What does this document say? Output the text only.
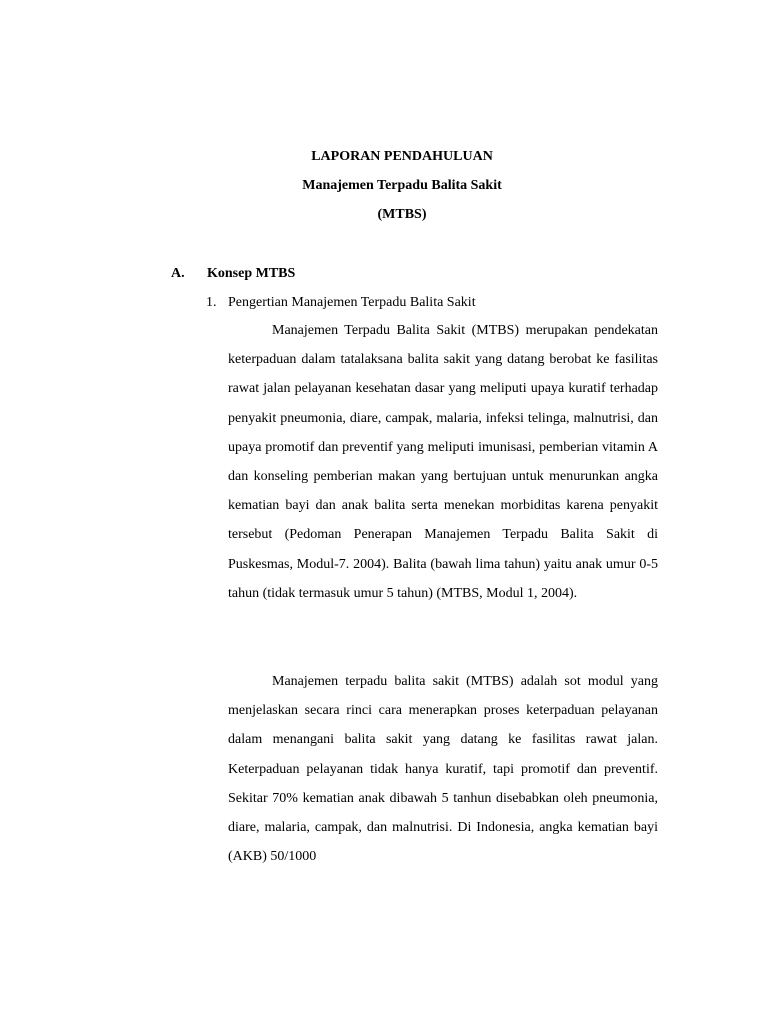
LAPORAN PENDAHULUAN

Manajemen Terpadu Balita Sakit

(MTBS)

A. Konsep MTBS

1. Pengertian Manajemen Terpadu Balita Sakit

Manajemen Terpadu Balita Sakit (MTBS) merupakan pendekatan keterpaduan dalam tatalaksana balita sakit yang datang berobat ke fasilitas rawat jalan pelayanan kesehatan dasar yang meliputi upaya kuratif terhadap penyakit pneumonia, diare, campak, malaria, infeksi telinga, malnutrisi, dan upaya promotif dan preventif yang meliputi imunisasi, pemberian vitamin A dan konseling pemberian makan yang bertujuan untuk menurunkan angka kematian bayi dan anak balita serta menekan morbiditas karena penyakit tersebut (Pedoman Penerapan Manajemen Terpadu Balita Sakit di Puskesmas, Modul-7. 2004). Balita (bawah lima tahun) yaitu anak umur 0-5 tahun (tidak termasuk umur 5 tahun) (MTBS, Modul 1, 2004).

Manajemen terpadu balita sakit (MTBS) adalah sot modul yang menjelaskan secara rinci cara menerapkan proses keterpaduan pelayanan dalam menangani balita sakit yang datang ke fasilitas rawat jalan. Keterpaduan pelayanan tidak hanya kuratif, tapi promotif dan preventif. Sekitar 70% kematian anak dibawah 5 tanhun disebabkan oleh pneumonia, diare, malaria, campak, dan malnutrisi. Di Indonesia, angka kematian bayi (AKB) 50/1000
